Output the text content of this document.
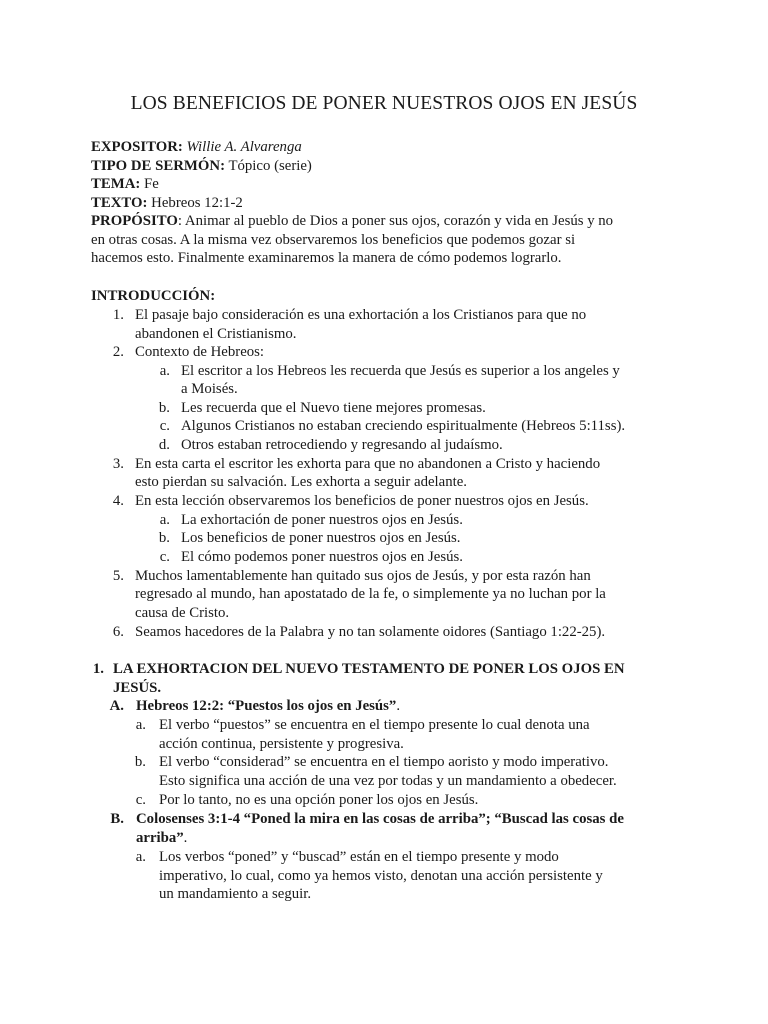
LOS BENEFICIOS DE PONER NUESTROS OJOS EN JESÚS
EXPOSITOR: Willie A. Alvarenga
TIPO DE SERMÓN: Tópico (serie)
TEMA: Fe
TEXTO: Hebreos 12:1-2
PROPÓSITO: Animar al pueblo de Dios a poner sus ojos, corazón y vida en Jesús y no
en otras cosas. A la misma vez observaremos los beneficios que podemos gozar si
hacemos esto. Finalmente examinaremos la manera de cómo podemos lograrlo.
INTRODUCCIÓN:
1. El pasaje bajo consideración es una exhortación a los Cristianos para que no
abandonen el Cristianismo.
2. Contexto de Hebreos:
a. El escritor a los Hebreos les recuerda que Jesús es superior a los angeles y
a Moisés.
b. Les recuerda que el Nuevo tiene mejores promesas.
c. Algunos Cristianos no estaban creciendo espiritualmente (Hebreos 5:11ss).
d. Otros estaban retrocediendo y regresando al judaísmo.
3. En esta carta el escritor les exhorta para que no abandonen a Cristo y haciendo
esto pierdan su salvación. Les exhorta a seguir adelante.
4. En esta lección observaremos los beneficios de poner nuestros ojos en Jesús.
a. La exhortación de poner nuestros ojos en Jesús.
b. Los beneficios de poner nuestros ojos en Jesús.
c. El cómo podemos poner nuestros ojos en Jesús.
5. Muchos lamentablemente han quitado sus ojos de Jesús, y por esta razón han
regresado al mundo, han apostatado de la fe, o simplemente ya no luchan por la
causa de Cristo.
6. Seamos hacedores de la Palabra y no tan solamente oidores (Santiago 1:22-25).
1. LA EXHORTACION DEL NUEVO TESTAMENTO DE PONER LOS OJOS EN
JESÚS.
A. Hebreos 12:2: “Puestos los ojos en Jesús”.
a. El verbo “puestos” se encuentra en el tiempo presente lo cual denota una
acción continua, persistente y progresiva.
b. El verbo “considerad” se encuentra en el tiempo aoristo y modo imperativo.
Esto significa una acción de una vez por todas y un mandamiento a obedecer.
c. Por lo tanto, no es una opción poner los ojos en Jesús.
B. Colosenses 3:1-4 “Poned la mira en las cosas de arriba”; “Buscad las cosas de
arriba”.
a. Los verbos “poned” y “buscad” están en el tiempo presente y modo
imperativo, lo cual, como ya hemos visto, denotan una acción persistente y
un mandamiento a seguir.
